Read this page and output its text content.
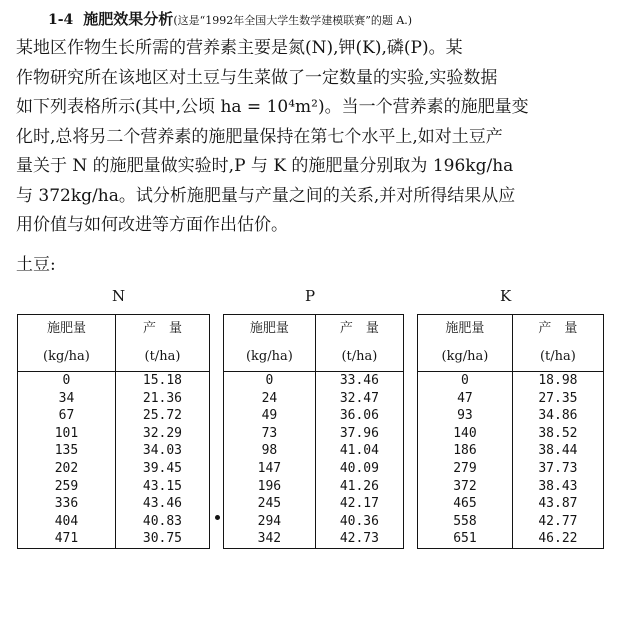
1-4 施肥效果分析(这是“1992年全国大学生数学建模联赛”的题 A.)

某地区作物生长所需的营养素主要是氮(N),钾(K),磷(P)。某
作物研究所在该地区对土豆与生菜做了一定数量的实验,实验数据
如下列表格所示(其中,公顷 ha = 10⁴m²)。当一个营养素的施肥量变
化时,总将另二个营养素的施肥量保持在第七个水平上,如对土豆产
量关于 N 的施肥量做实验时,P 与 K 的施肥量分别取为 196kg/ha
与 372kg/ha。试分析施肥量与产量之间的关系,并对所得结果从应
用价值与如何改进等方面作出估价。

土豆:
N
施肥量
(kg/ha)	产　量
(t/ha)

0	15.18
34	21.36
67	25.72
101	32.29
135	34.03
202	39.45
259	43.15
336	43.46
404	40.83
471	30.75
P
施肥量
(kg/ha)	产　量
(t/ha)

0	33.46
24	32.47
49	36.06
73	37.96
98	41.04
147	40.09
196	41.26
245	42.17
294	40.36
342	42.73
K
施肥量
(kg/ha)	产　量
(t/ha)

0	18.98
47	27.35
93	34.86
140	38.52
186	38.44
279	37.73
372	38.43
465	43.87
558	42.77
651	46.22
